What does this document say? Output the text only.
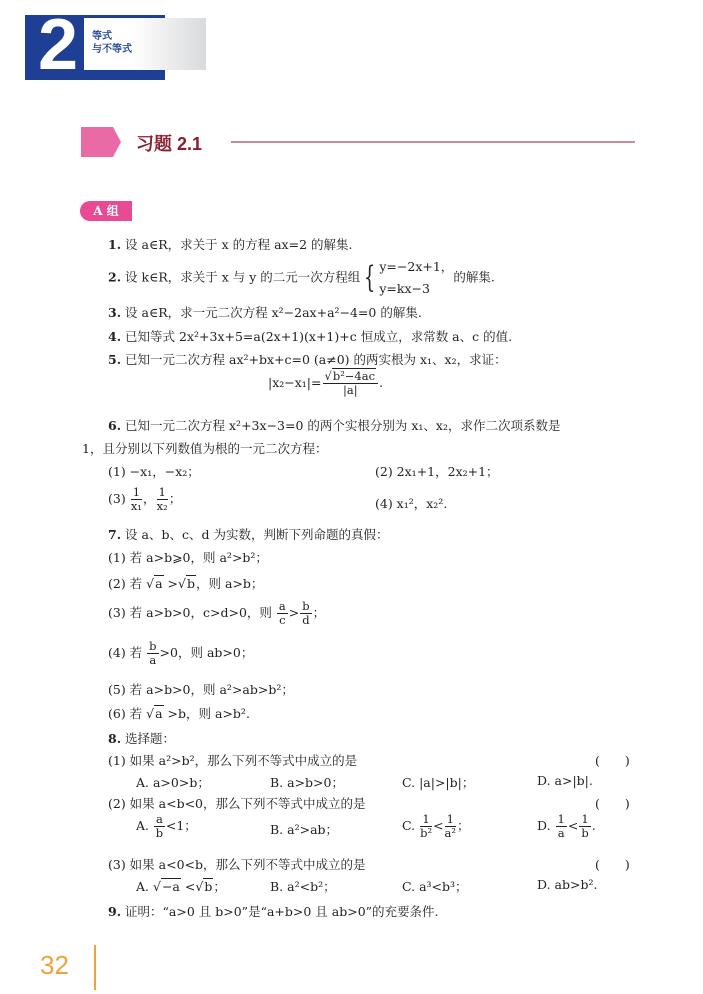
2 等式
与不等式
习题 2.1
A 组
1. 设 a∈R，求关于 x 的方程 ax=2 的解集.
2. 设 k∈R，求关于 x 与 y 的二元一次方程组 { y=−2x+1，
y=kx−3
的解集.
3. 设 a∈R，求一元二次方程 x²−2ax+a²−4=0 的解集.
4. 已知等式 2x²+3x+5=a(2x+1)(x+1)+c 恒成立，求常数 a、c 的值.
5. 已知一元二次方程 ax²+bx+c=0 (a≠0) 的两实根为 x₁、x₂，求证：
$|x_2-x_1|= \frac{\text{√b²−4ac}}{|a|}$ .
6. 已知一元二次方程 x²+3x−3=0 的两个实根分别为 x₁、x₂，求作二次项系数是
1，且分别以下列数值为根的一元二次方程：
(1) −x₁，−x₂；	(2) 2x₁+1，2x₂+1；
$(3) \frac{1}{\text{x₁}}$ ， $\frac{1}{\text{x₂}}$ ；	(4) x₁²，x₂².
7. 设 a、b、c、d 为实数，判断下列命题的真假：
(1) 若 a>b⩾0，则 a²>b²；
(2) 若 √a >√b，则 a>b；
(3) 若 a>b>0，c>d>0，则 $\frac{a}{c} > \frac{b}{d}$ ；
(4) 若 $\frac{b}{a} >0$，则 ab>0；
(5) 若 a>b>0，则 a²>ab>b²；
(6) 若 √a >b，则 a>b².
8. 选择题：
(1) 如果 a²>b²，那么下列不等式中成立的是	(　　)
A. a>0>b；	B. a>b>0；	C. |a|>|b|；	D. a>|b|.
(2) 如果 a<b<0，那么下列不等式中成立的是	(　　)
A. $\frac{a}{b} <1$；	B. a²>ab；	C. $\frac{1}{\text{b²}} < \frac{1}{\text{a²}}$ ；	D. $\frac{1}{a} < \frac{1}{b}$ .
(3) 如果 a<0<b，那么下列不等式中成立的是	(　　)
A. √−a <√b；	B. a²<b²；	C. a³<b³；	D. ab>b².
9. 证明：“a>0 且 b>0”是“a+b>0 且 ab>0”的充要条件.
32
